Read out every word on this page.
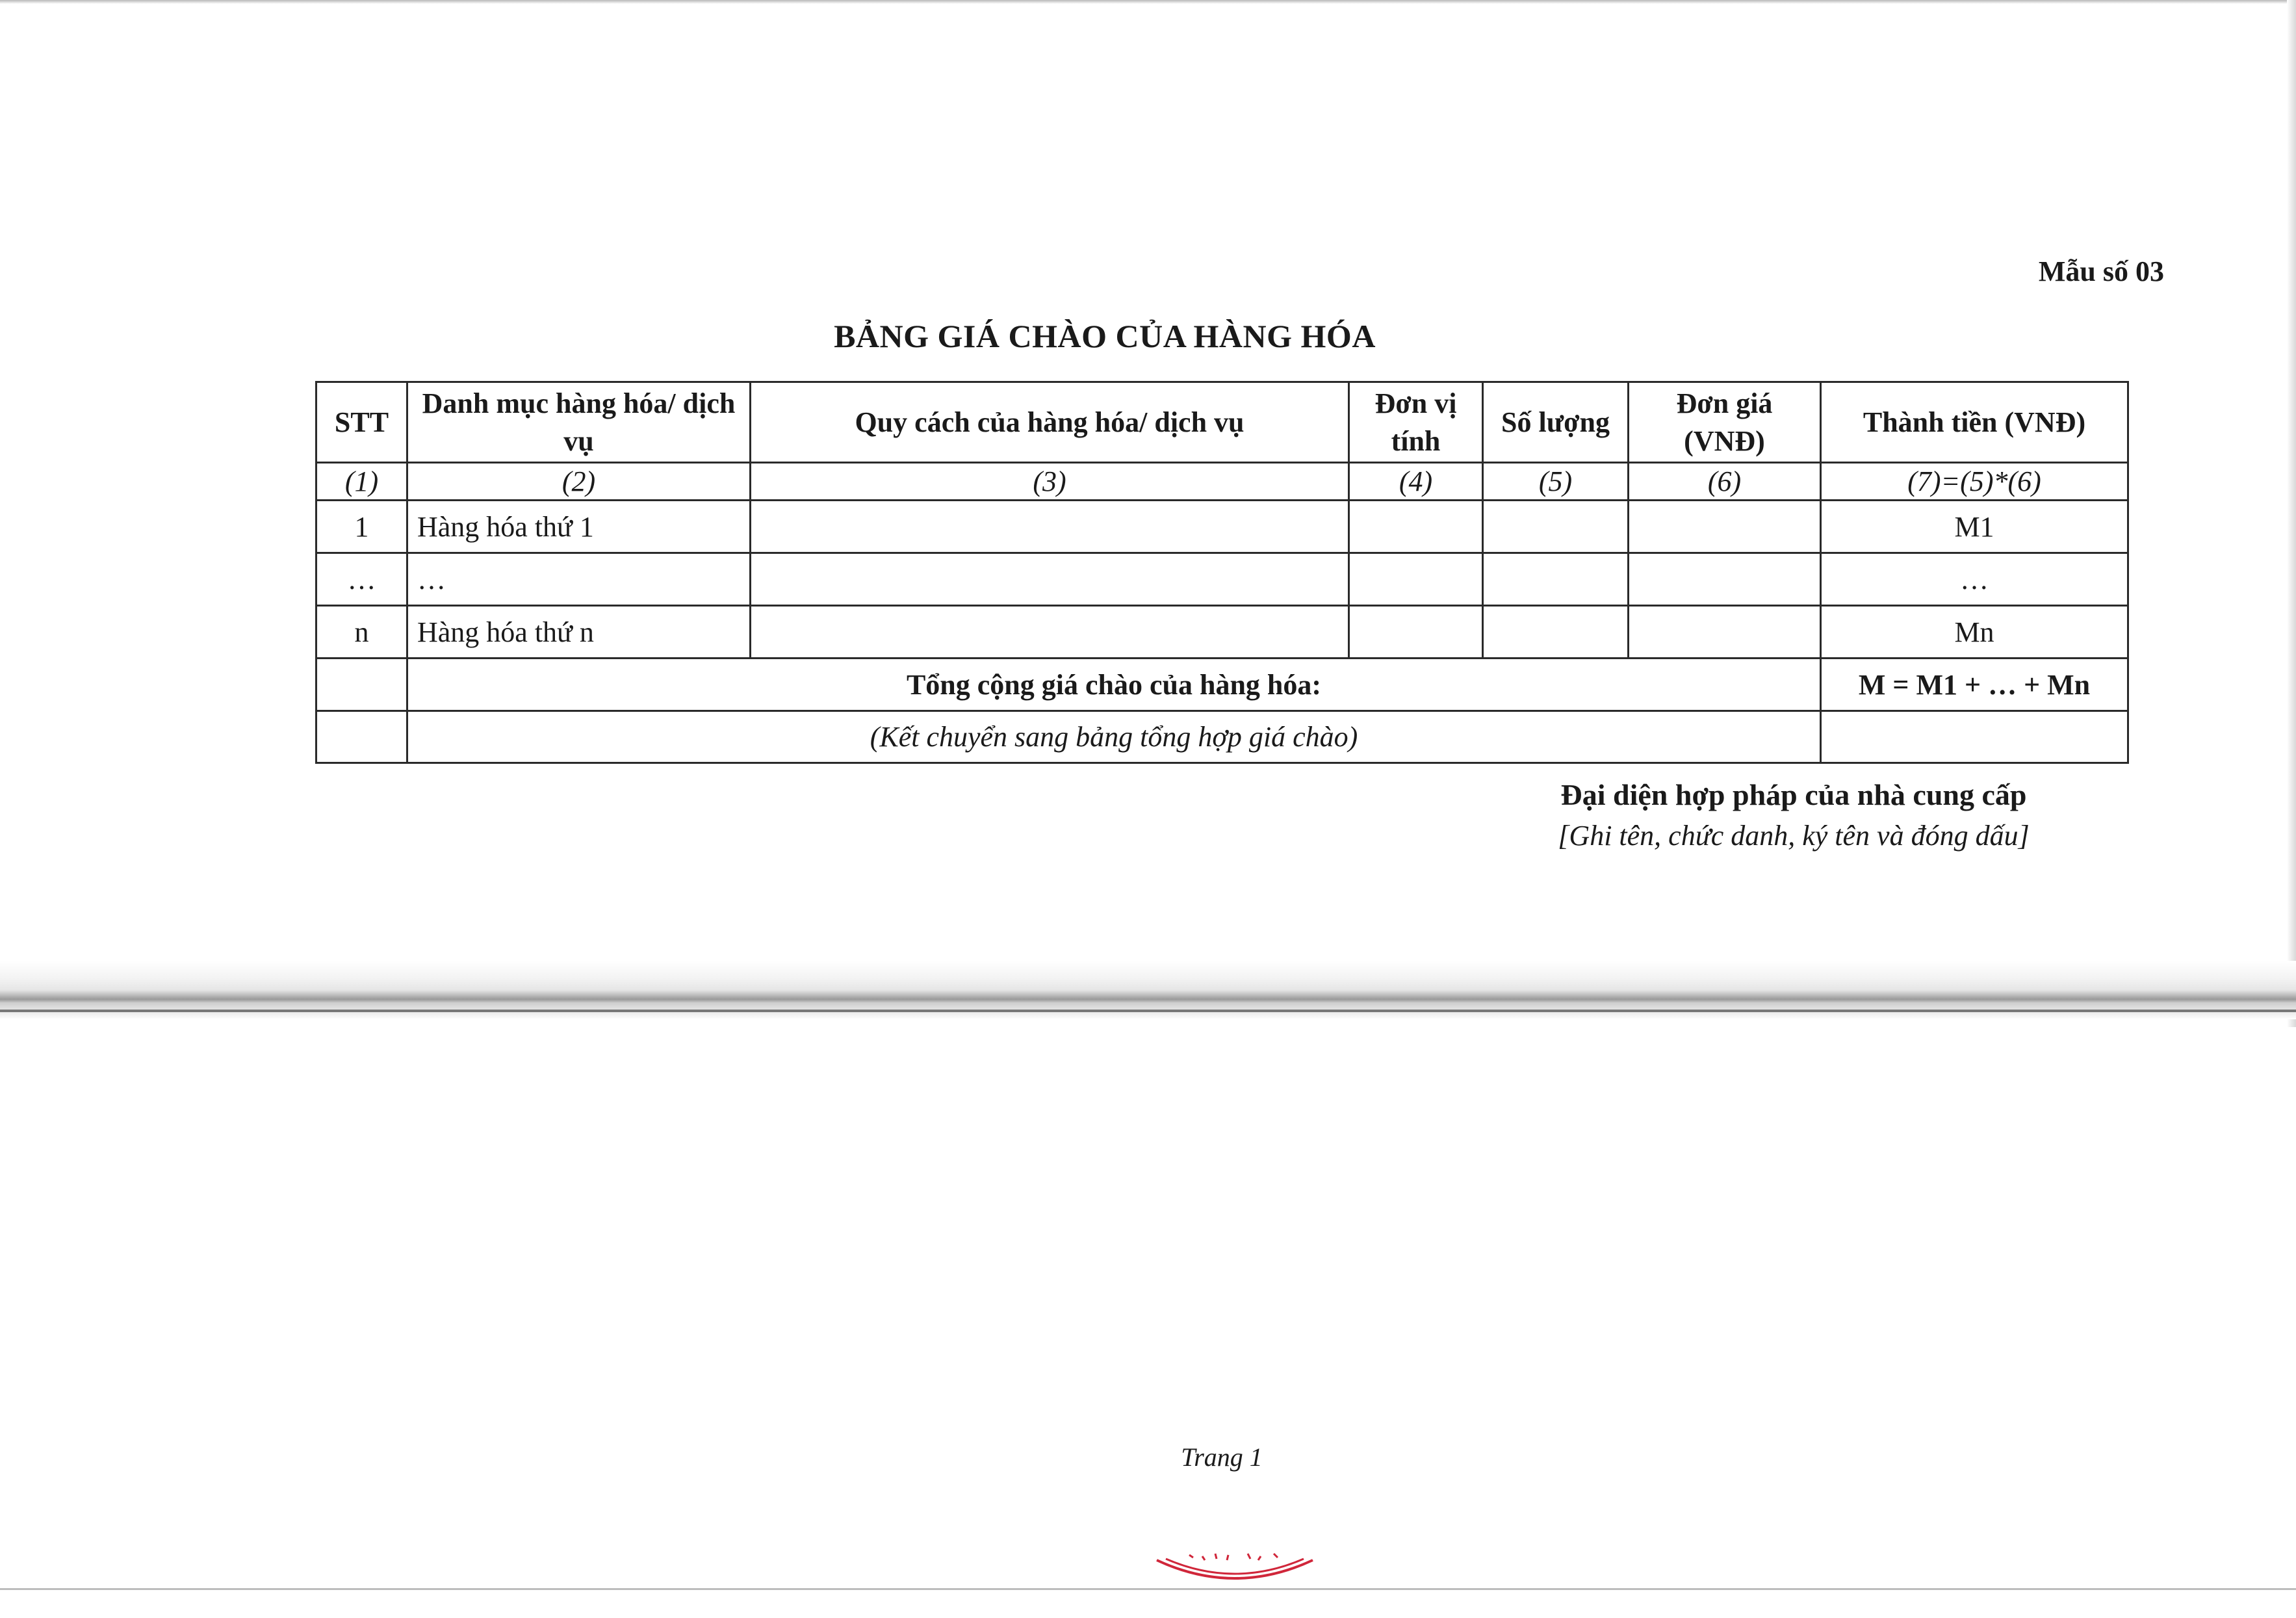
Mẫu số 03
BẢNG GIÁ CHÀO CỦA HÀNG HÓA
STT	Danh mục hàng hóa/ dịch vụ	Quy cách của hàng hóa/ dịch vụ	Đơn vị tính	Số lượng	Đơn giá (VNĐ)	Thành tiền (VNĐ)
(1)	(2)	(3)	(4)	(5)	(6)	(7)=(5)*(6)
1	Hàng hóa thứ 1					M1
…	…					…
n	Hàng hóa thứ n					Mn
	Tổng cộng giá chào của hàng hóa:					M = M1 + … + Mn
	(Kết chuyển sang bảng tổng hợp giá chào)					
Đại diện hợp pháp của nhà cung cấp
[Ghi tên, chức danh, ký tên và đóng dấu]
Trang 1
